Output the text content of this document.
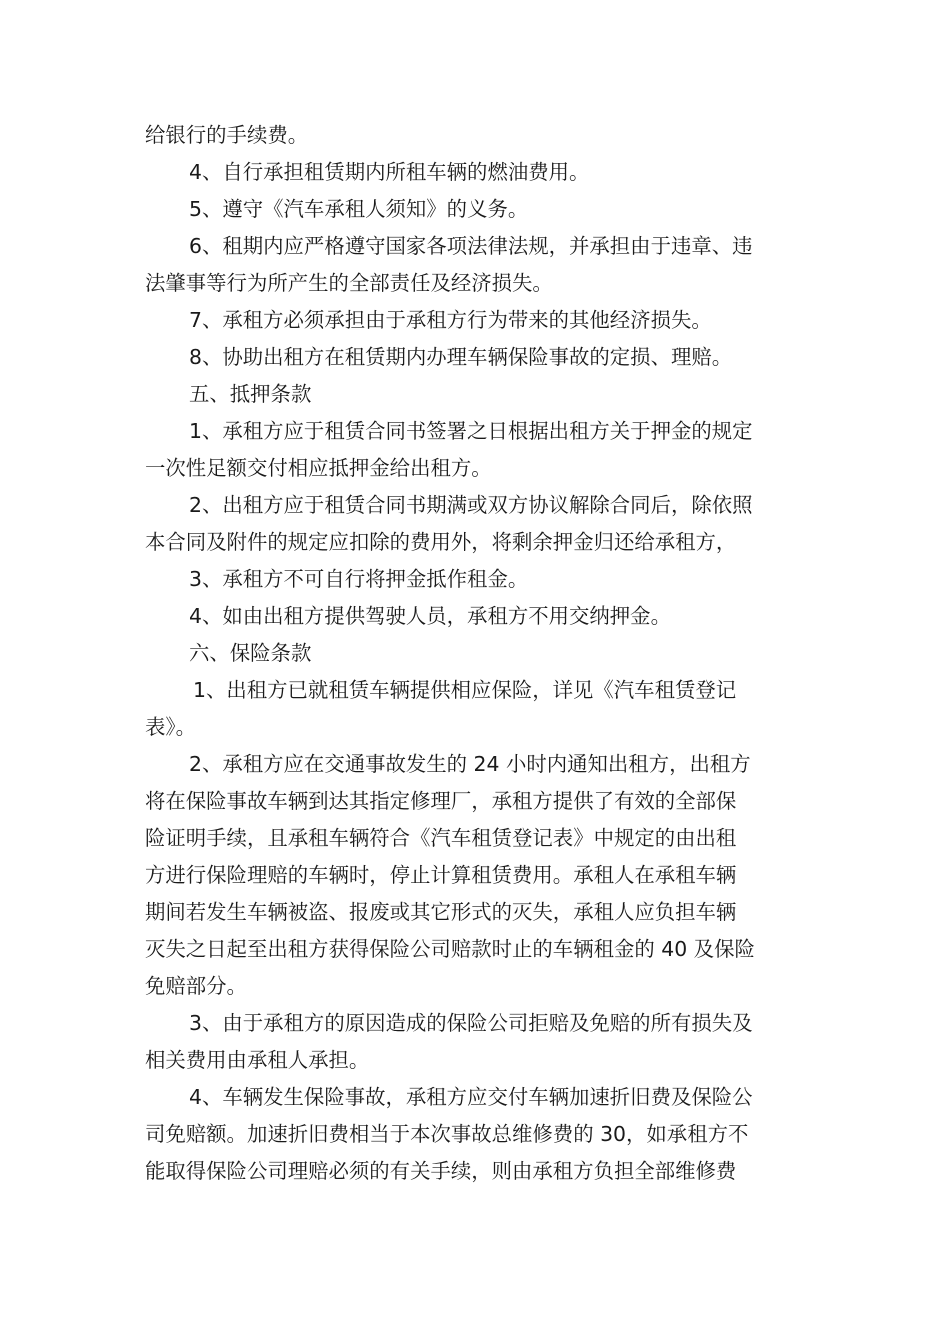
给银行的手续费。

4、自行承担租赁期内所租车辆的燃油费用。

5、遵守《汽车承租人须知》的义务。

6、租期内应严格遵守国家各项法律法规，并承担由于违章、违

法肇事等行为所产生的全部责任及经济损失。

7、承租方必须承担由于承租方行为带来的其他经济损失。

8、协助出租方在租赁期内办理车辆保险事故的定损、理赔。

五、抵押条款

1、承租方应于租赁合同书签署之日根据出租方关于押金的规定

一次性足额交付相应抵押金给出租方。

2、出租方应于租赁合同书期满或双方协议解除合同后，除依照

本合同及附件的规定应扣除的费用外，将剩余押金归还给承租方，

3、承租方不可自行将押金抵作租金。

4、如由出租方提供驾驶人员，承租方不用交纳押金。

六、保险条款

1、出租方已就租赁车辆提供相应保险，详见《汽车租赁登记

表》。

2、承租方应在交通事故发生的 24 小时内通知出租方，出租方

将在保险事故车辆到达其指定修理厂，承租方提供了有效的全部保

险证明手续，且承租车辆符合《汽车租赁登记表》中规定的由出租

方进行保险理赔的车辆时，停止计算租赁费用。承租人在承租车辆

期间若发生车辆被盗、报废或其它形式的灭失，承租人应负担车辆

灭失之日起至出租方获得保险公司赔款时止的车辆租金的 40 及保险

免赔部分。

3、由于承租方的原因造成的保险公司拒赔及免赔的所有损失及

相关费用由承租人承担。

4、车辆发生保险事故，承租方应交付车辆加速折旧费及保险公

司免赔额。加速折旧费相当于本次事故总维修费的 30，如承租方不

能取得保险公司理赔必须的有关手续，则由承租方负担全部维修费
